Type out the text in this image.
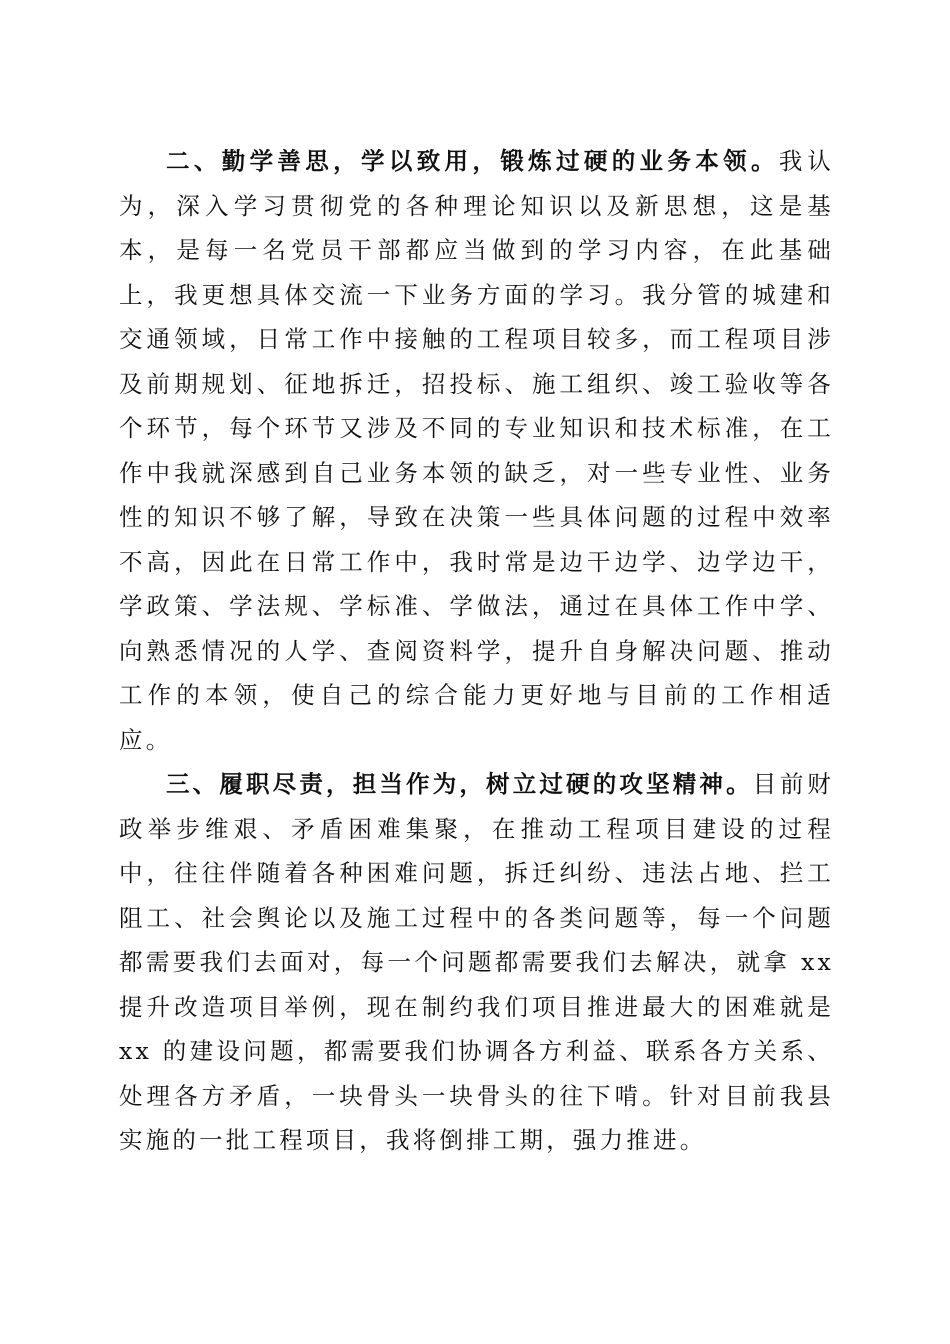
二、勤学善思，学以致用，锻炼过硬的业务本领。我认为，深入学习贯彻党的各种理论知识以及新思想，这是基本，是每一名党员干部都应当做到的学习内容，在此基础上，我更想具体交流一下业务方面的学习。我分管的城建和交通领域，日常工作中接触的工程项目较多，而工程项目涉及前期规划、征地拆迁，招投标、施工组织、竣工验收等各个环节，每个环节又涉及不同的专业知识和技术标准，在工作中我就深感到自己业务本领的缺乏，对一些专业性、业务性的知识不够了解，导致在决策一些具体问题的过程中效率不高，因此在日常工作中，我时常是边干边学、边学边干，学政策、学法规、学标准、学做法，通过在具体工作中学、向熟悉情况的人学、查阅资料学，提升自身解决问题、推动工作的本领，使自己的综合能力更好地与目前的工作相适应。

三、履职尽责，担当作为，树立过硬的攻坚精神。目前财政举步维艰、矛盾困难集聚，在推动工程项目建设的过程中，往往伴随着各种困难问题，拆迁纠纷、违法占地、拦工阻工、社会舆论以及施工过程中的各类问题等，每一个问题都需要我们去面对，每一个问题都需要我们去解决，就拿 xx 提升改造项目举例，现在制约我们项目推进最大的困难就是 xx 的建设问题，都需要我们协调各方利益、联系各方关系、处理各方矛盾，一块骨头一块骨头的往下啃。针对目前我县实施的一批工程项目，我将倒排工期，强力推进。
